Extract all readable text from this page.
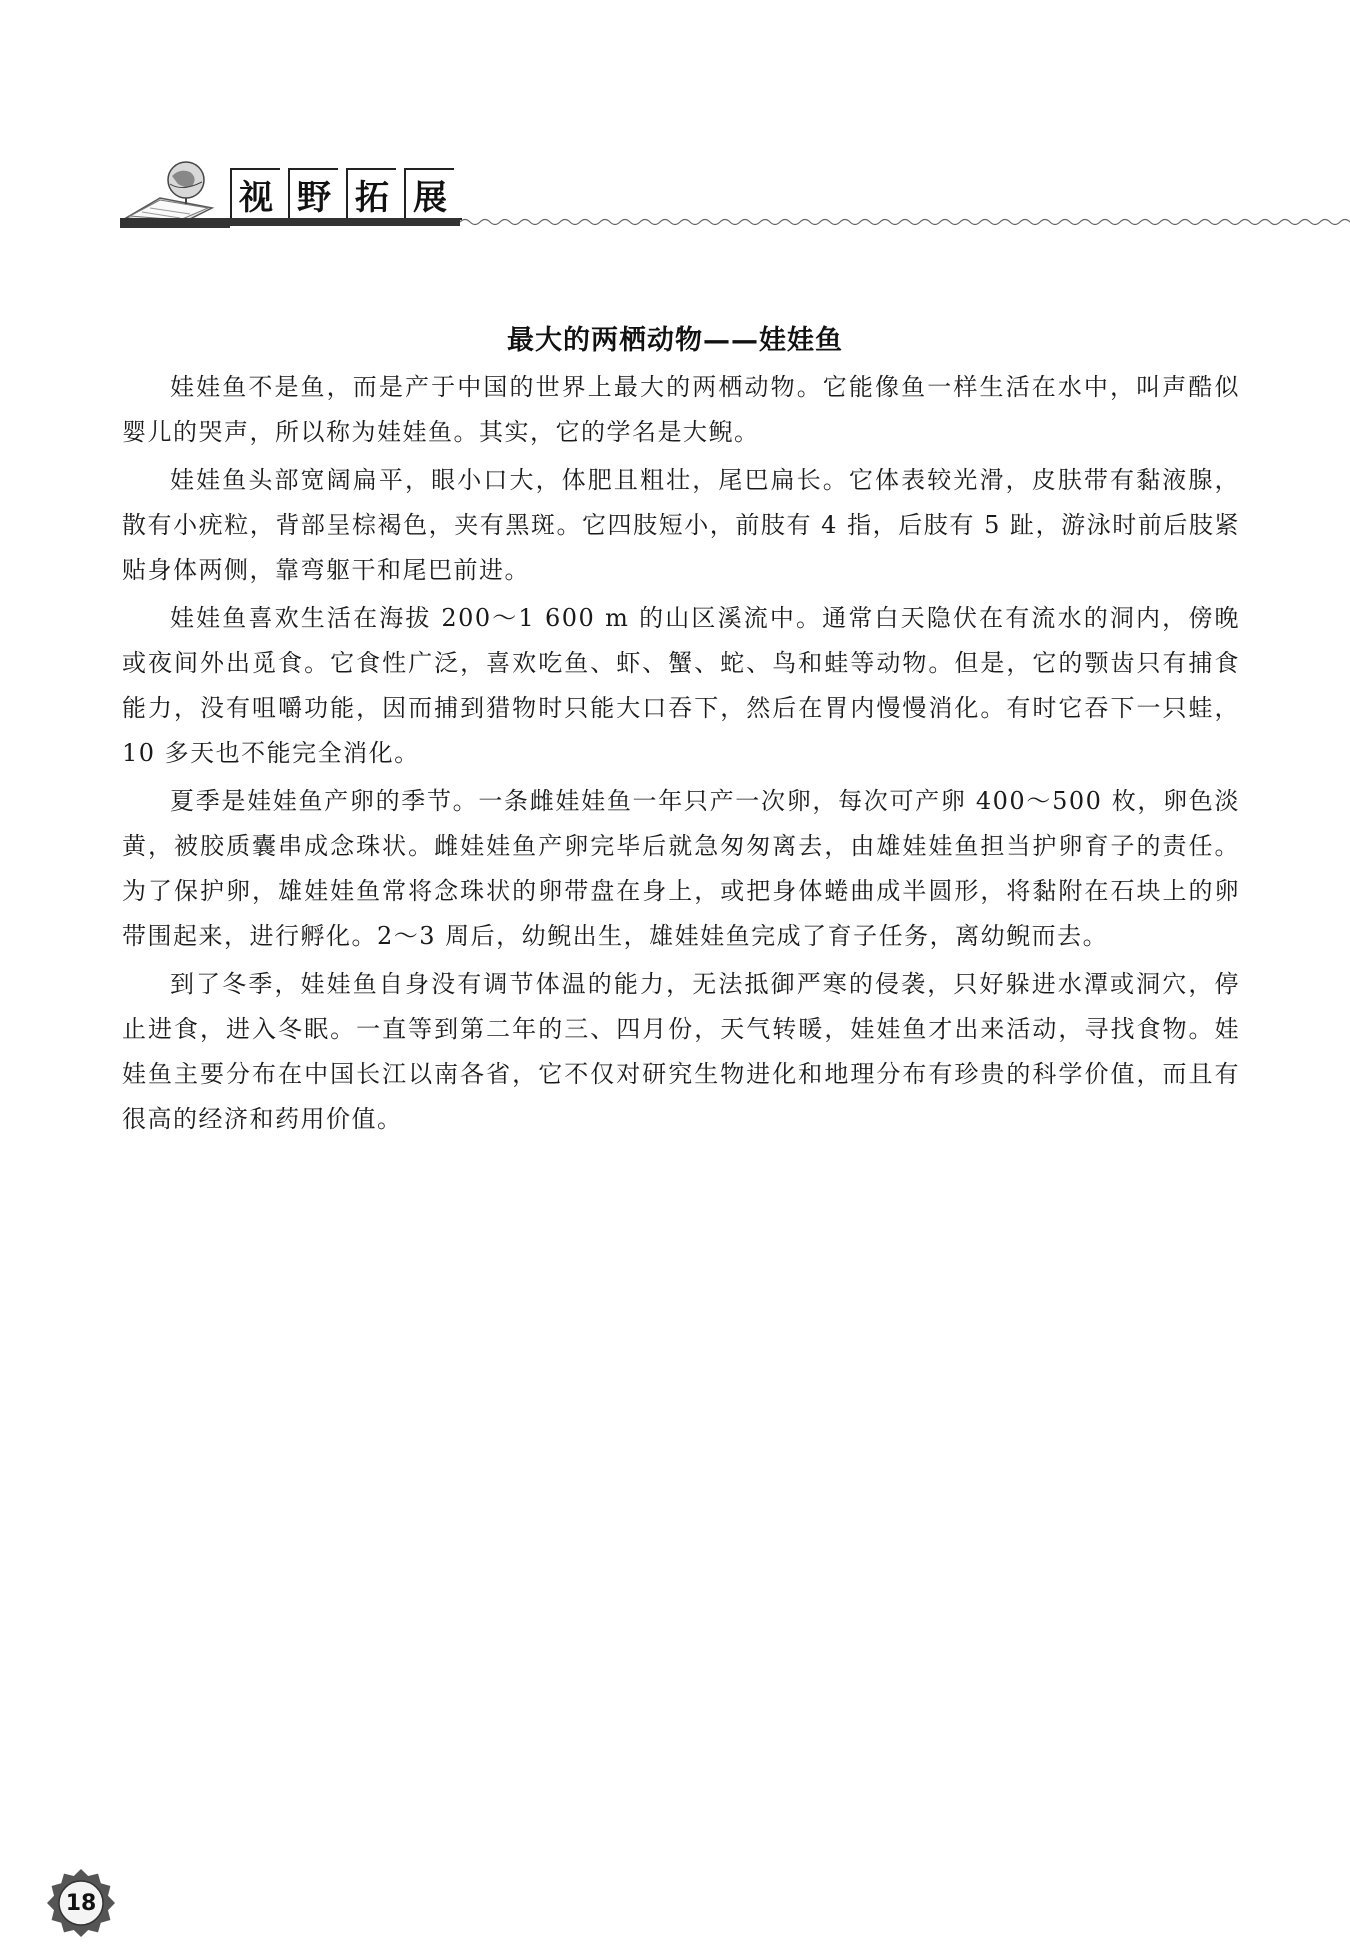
视 野 拓 展
最大的两栖动物——娃娃鱼

娃娃鱼不是鱼，而是产于中国的世界上最大的两栖动物。它能像鱼一样生活在水中，叫声酷似婴儿的哭声，所以称为娃娃鱼。其实，它的学名是大鲵。

娃娃鱼头部宽阔扁平，眼小口大，体肥且粗壮，尾巴扁长。它体表较光滑，皮肤带有黏液腺，散有小疣粒，背部呈棕褐色，夹有黑斑。它四肢短小，前肢有 4 指，后肢有 5 趾，游泳时前后肢紧贴身体两侧，靠弯躯干和尾巴前进。

娃娃鱼喜欢生活在海拔 200～1 600 m 的山区溪流中。通常白天隐伏在有流水的洞内，傍晚或夜间外出觅食。它食性广泛，喜欢吃鱼、虾、蟹、蛇、鸟和蛙等动物。但是，它的颚齿只有捕食能力，没有咀嚼功能，因而捕到猎物时只能大口吞下，然后在胃内慢慢消化。有时它吞下一只蛙，10 多天也不能完全消化。

夏季是娃娃鱼产卵的季节。一条雌娃娃鱼一年只产一次卵，每次可产卵 400～500 枚，卵色淡黄，被胶质囊串成念珠状。雌娃娃鱼产卵完毕后就急匆匆离去，由雄娃娃鱼担当护卵育子的责任。为了保护卵，雄娃娃鱼常将念珠状的卵带盘在身上，或把身体蜷曲成半圆形，将黏附在石块上的卵带围起来，进行孵化。2～3 周后，幼鲵出生，雄娃娃鱼完成了育子任务，离幼鲵而去。

到了冬季，娃娃鱼自身没有调节体温的能力，无法抵御严寒的侵袭，只好躲进水潭或洞穴，停止进食，进入冬眠。一直等到第二年的三、四月份，天气转暖，娃娃鱼才出来活动，寻找食物。娃娃鱼主要分布在中国长江以南各省，它不仅对研究生物进化和地理分布有珍贵的科学价值，而且有很高的经济和药用价值。

18
